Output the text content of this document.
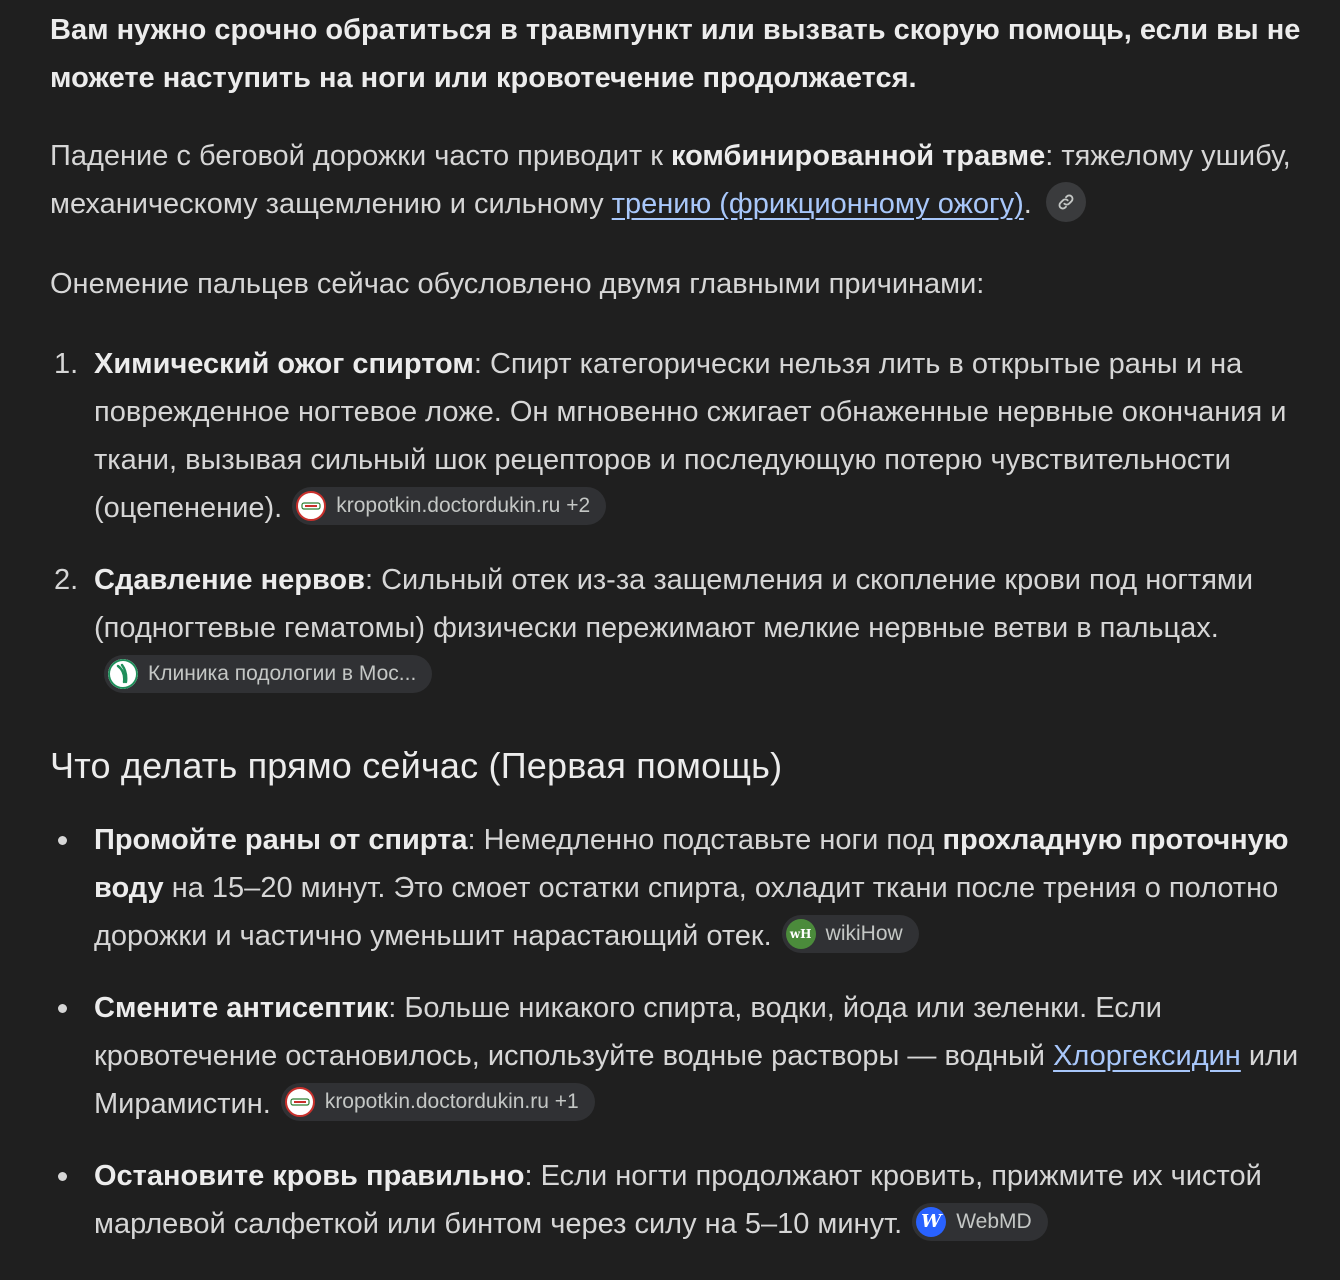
Вам нужно срочно обратиться в травмпункт или вызвать скорую помощь, если вы не
можете наступить на ноги или кровотечение продолжается.

Падение с беговой дорожки часто приводит к комбинированной травме: тяжелому ушибу, механическому защемлению и сильному трению (фрикционному ожогу).

Онемение пальцев сейчас обусловлено двумя главными причинами:

1. Химический ожог спиртом: Спирт категорически нельзя лить в открытые раны и на поврежденное ногтевое ложе. Он мгновенно сжигает обнаженные нервные окончания и ткани, вызывая сильный шок рецепторов и последующую потерю чувствительности (оцепенение).	kropotkin.doctordukin.ru +2
2. Сдавление нервов: Сильный отек из-за защемления и скопление крови под ногтями (подногтевые гематомы) физически пережимают мелкие нервные ветви в пальцах.
Клиника подологии в Мос...
Что делать прямо сейчас (Первая помощь)
Промойте раны от спирта: Немедленно подставьте ноги под прохладную проточную воду на 15–20 минут. Это смоет остатки спирта, охладит ткани после трения о полотно дорожки и частично уменьшит нарастающий отек.	wH wikiHow
Смените антисептик: Больше никакого спирта, водки, йода или зеленки. Если кровотечение остановилось, используйте водные растворы — водный Хлоргексидин или Мирамистин.	kropotkin.doctordukin.ru +1
Остановите кровь правильно: Если ногти продолжают кровить, прижмите их чистой марлевой салфеткой или бинтом через силу на 5–10 минут. W WebMD
